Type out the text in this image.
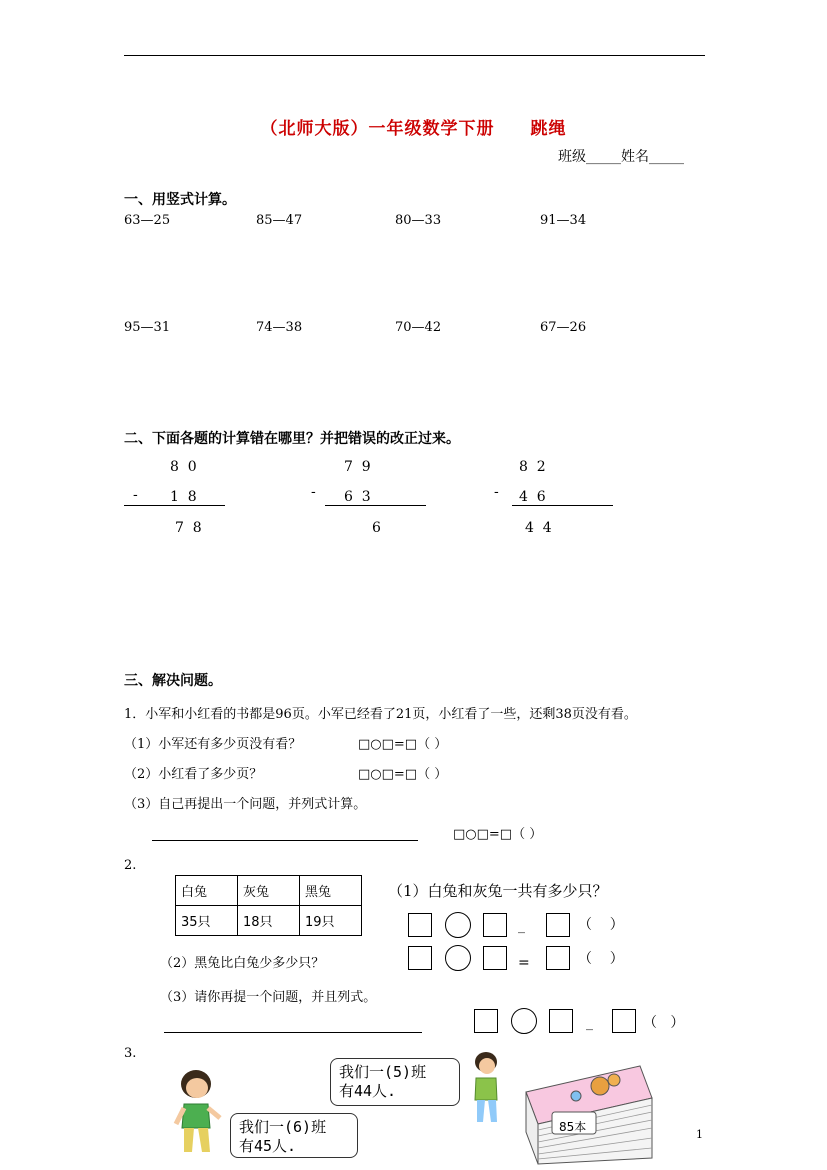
（北师大版）一年级数学下册　　跳绳
班级_____姓名_____
一、用竖式计算。
63—25	85—47	80—33	91—34
95—31	74—38	70—42	67—26
二、下面各题的计算错在哪里？并把错误的改正过来。
8  0
- 1  8
7  8
7  9
- 6  3
6
8  2
- 4  6
4  4
三、解决问题。
1．小军和小红看的书都是96页。小军已经看了21页，小红看了一些，还剩38页没有看。
（1）小军还有多少页没有看？	□○□=□（ ）
（2）小红看了多少页？	□○□=□（ ）
（3）自己再提出一个问题，并列式计算。
□○□=□（ ）
2.
白兔	灰兔	黑兔
35只	18只	19只
（1）白兔和灰兔一共有多少只？
_	（    ）
（2）黑兔比白兔少多少只？	=	（    ）
（3）请你再提一个问题，并且列式。
_	（   ）
3.
我们一(6)班
有45人.
我们一(5)班
有44人.
85本
1
